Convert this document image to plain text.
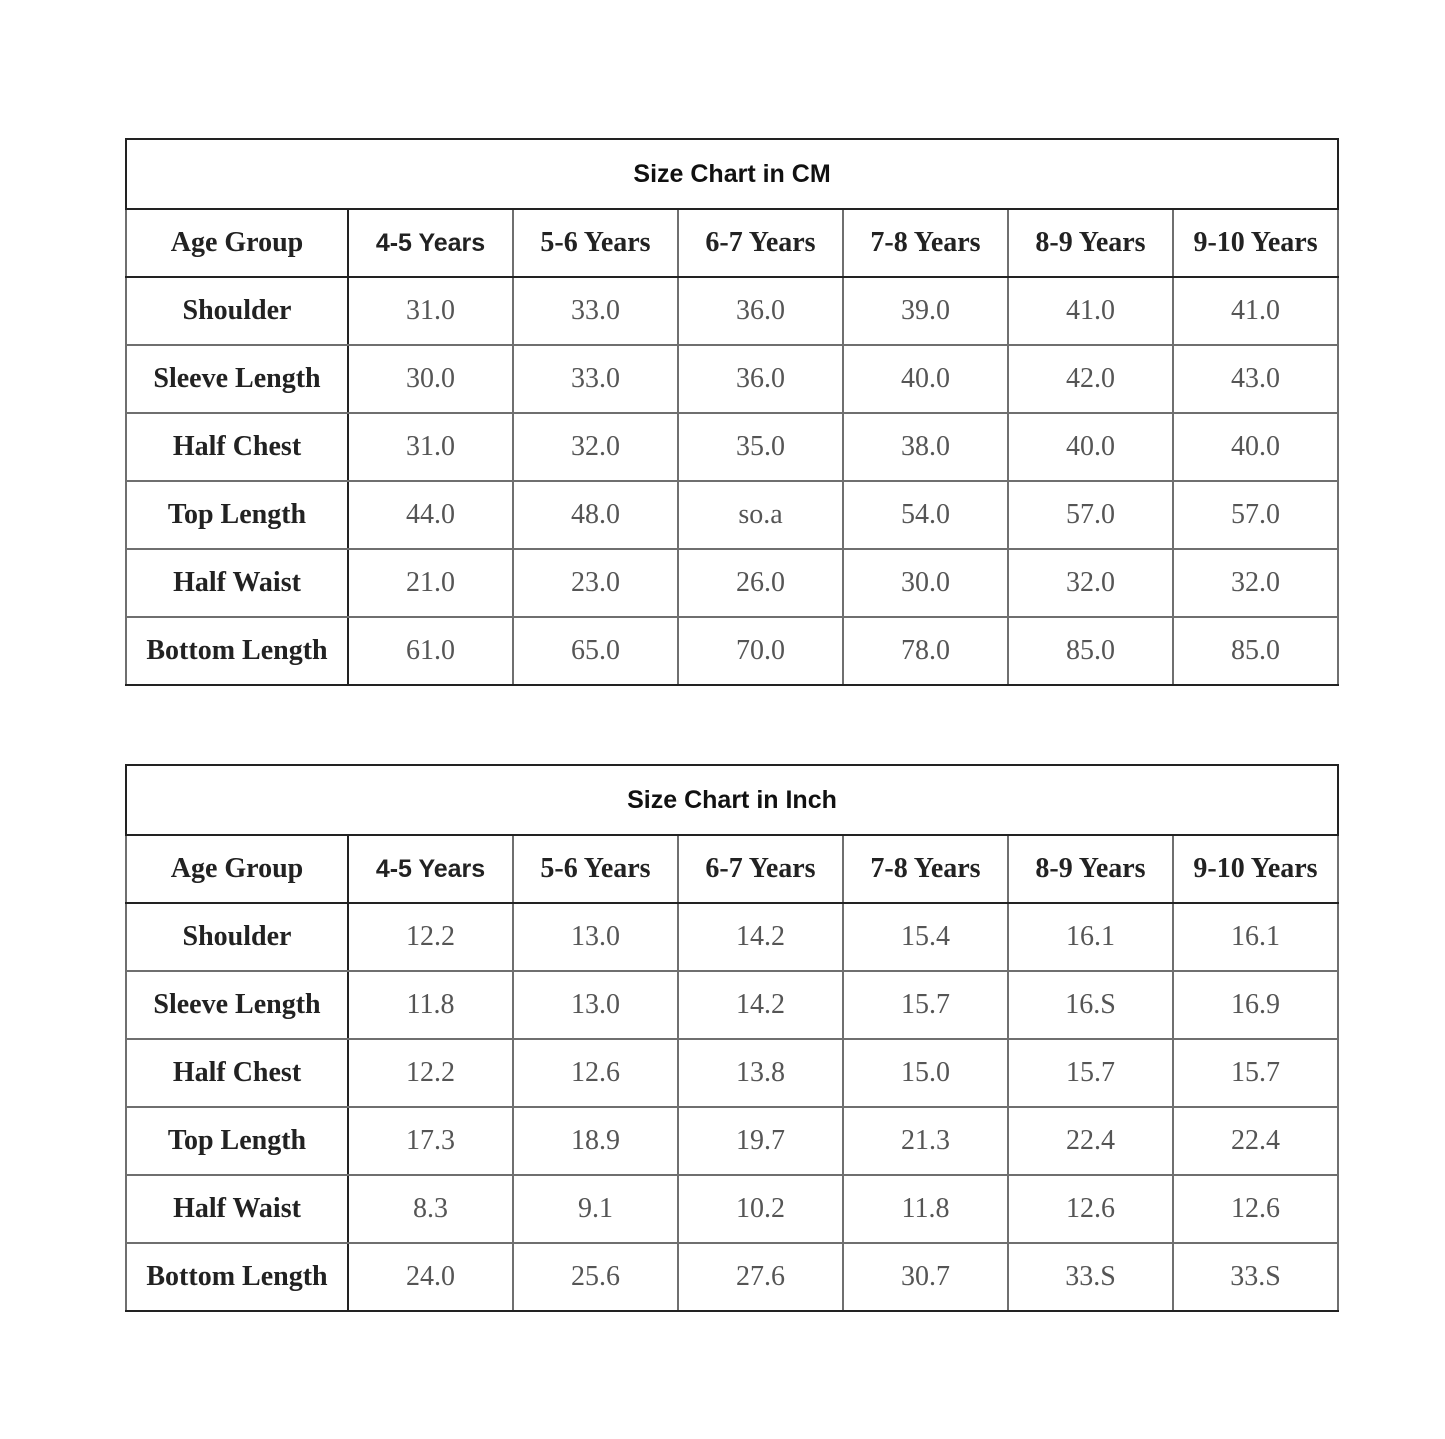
Size Chart in CM						
Age Group	4-5 Years	5-6 Years	6-7 Years	7-8 Years	8-9 Years	9-10 Years
Shoulder	31.0	33.0	36.0	39.0	41.0	41.0
Sleeve Length	30.0	33.0	36.0	40.0	42.0	43.0
Half Chest	31.0	32.0	35.0	38.0	40.0	40.0
Top Length	44.0	48.0	so.a	54.0	57.0	57.0
Half Waist	21.0	23.0	26.0	30.0	32.0	32.0
Bottom Length	61.0	65.0	70.0	78.0	85.0	85.0
Size Chart in Inch						
Age Group	4-5 Years	5-6 Years	6-7 Years	7-8 Years	8-9 Years	9-10 Years
Shoulder	12.2	13.0	14.2	15.4	16.1	16.1
Sleeve Length	11.8	13.0	14.2	15.7	16.S	16.9
Half Chest	12.2	12.6	13.8	15.0	15.7	15.7
Top Length	17.3	18.9	19.7	21.3	22.4	22.4
Half Waist	8.3	9.1	10.2	11.8	12.6	12.6
Bottom Length	24.0	25.6	27.6	30.7	33.S	33.S
